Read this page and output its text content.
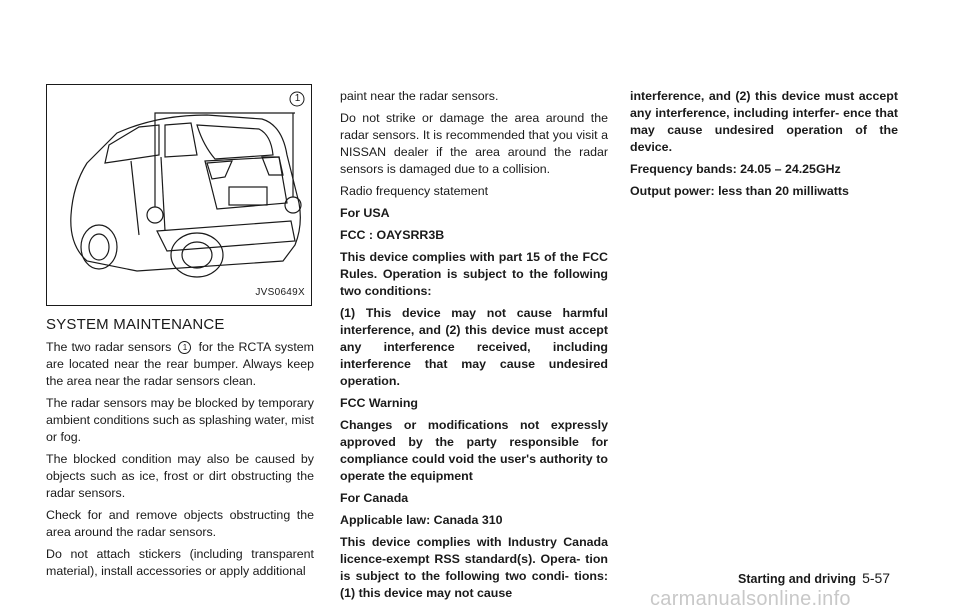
1
JVS0649X
SYSTEM MAINTENANCE

The two radar sensors 1 for the RCTA system are located near the rear bumper. Always keep the area near the radar sensors clean.

The radar sensors may be blocked by temporary ambient conditions such as splashing water, mist or fog.

The blocked condition may also be caused by objects such as ice, frost or dirt obstructing the radar sensors.

Check for and remove objects obstructing the area around the radar sensors.

Do not attach stickers (including transparent material), install accessories or apply additional

paint near the radar sensors.

Do not strike or damage the area around the radar sensors. It is recommended that you visit a NISSAN dealer if the area around the radar sensors is damaged due to a collision.

Radio frequency statement

For USA

FCC : OAYSRR3B

This device complies with part 15 of the FCC Rules. Operation is subject to the following two conditions:

(1) This device may not cause harmful interference, and (2) this device must accept any interference received, including interference that may cause undesired operation.

FCC Warning

Changes or modifications not expressly approved by the party responsible for compliance could void the user's authority to operate the equipment

For Canada

Applicable law: Canada 310

This device complies with Industry Canada licence-exempt RSS standard(s). Opera- tion is subject to the following two condi- tions: (1) this device may not cause

interference, and (2) this device must accept any interference, including interfer- ence that may cause undesired operation of the device.

Frequency bands: 24.05 – 24.25GHz

Output power: less than 20 milliwatts

Starting and driving 5-57
carmanualsonline.info
